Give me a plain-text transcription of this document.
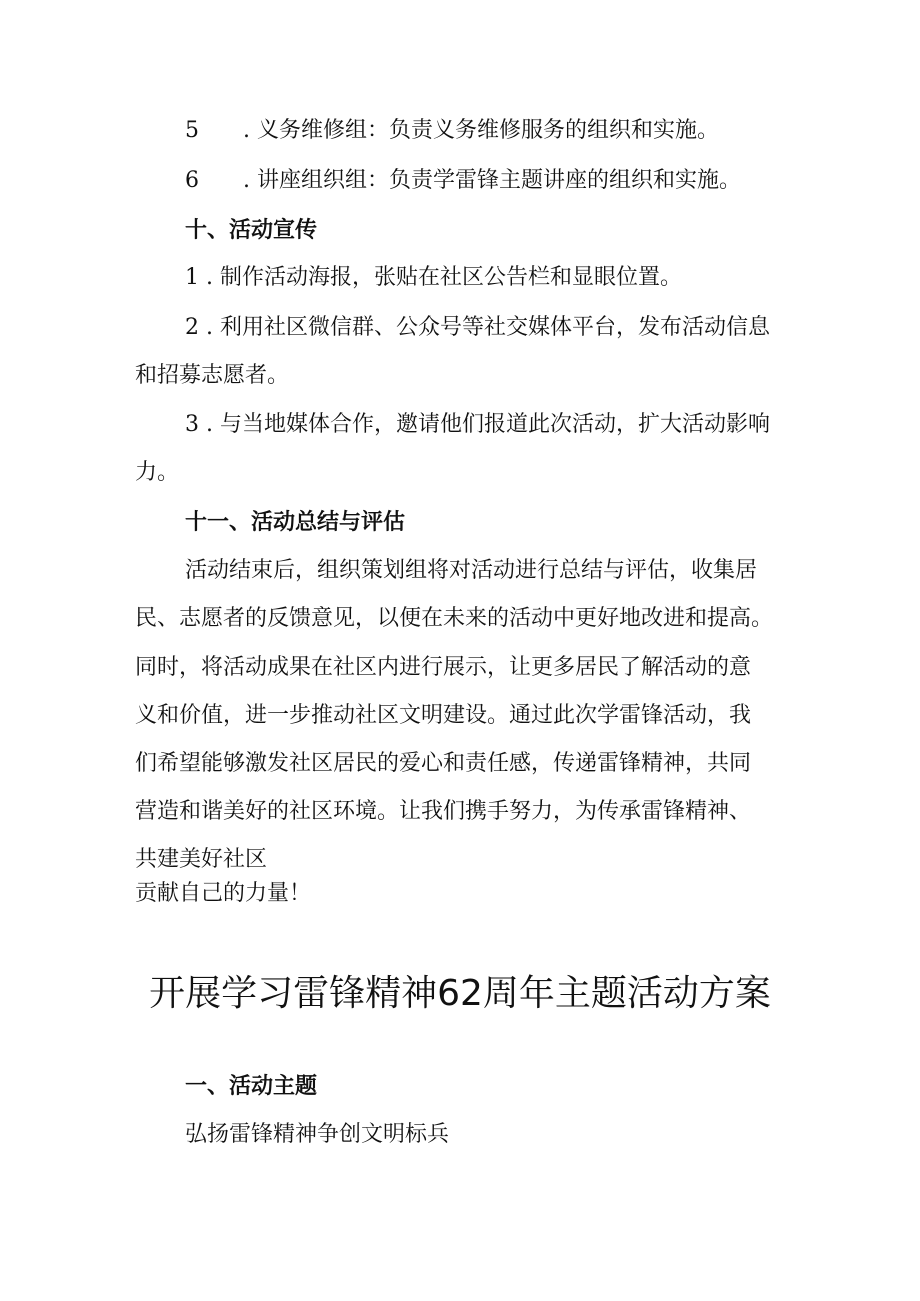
5 . 义务维修组：负责义务维修服务的组织和实施。
6 . 讲座组织组：负责学雷锋主题讲座的组织和实施。
十、活动宣传
1 . 制作活动海报，张贴在社区公告栏和显眼位置。
2 . 利用社区微信群、公众号等社交媒体平台，发布活动信息
和招募志愿者。
3 . 与当地媒体合作，邀请他们报道此次活动，扩大活动影响
力。
十一、活动总结与评估
活动结束后，组织策划组将对活动进行总结与评估，收集居
民、志愿者的反馈意见，以便在未来的活动中更好地改进和提高。
同时，将活动成果在社区内进行展示，让更多居民了解活动的意
义和价值，进一步推动社区文明建设。通过此次学雷锋活动，我
们希望能够激发社区居民的爱心和责任感，传递雷锋精神，共同
营造和谐美好的社区环境。让我们携手努力，为传承雷锋精神、
共建美好社区
贡献自己的力量！
开展学习雷锋精神62周年主题活动方案
一、活动主题
弘扬雷锋精神争创文明标兵
